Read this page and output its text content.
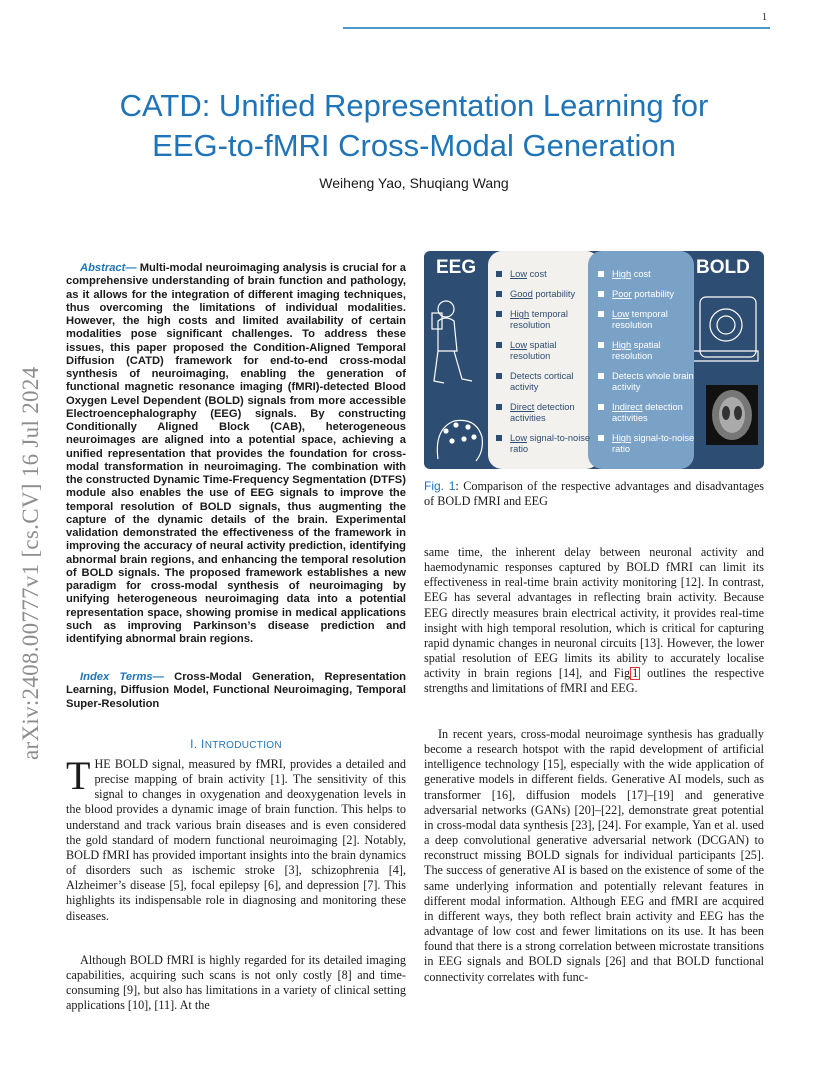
1
arXiv:2408.00777v1 [cs.CV] 16 Jul 2024
CATD: Unified Representation Learning for
EEG-to-fMRI Cross-Modal Generation
Weiheng Yao, Shuqiang Wang
Abstract— Multi-modal neuroimaging analysis is crucial for a comprehensive understanding of brain function and pathology, as it allows for the integration of different imaging techniques, thus overcoming the limitations of individual modalities. However, the high costs and limited availability of certain modalities pose significant challenges. To address these issues, this paper proposed the Condition-Aligned Temporal Diffusion (CATD) framework for end-to-end cross-modal synthesis of neuroimaging, enabling the generation of functional magnetic resonance imaging (fMRI)-detected Blood Oxygen Level Dependent (BOLD) signals from more accessible Electroencephalography (EEG) signals. By constructing Conditionally Aligned Block (CAB), heterogeneous neuroimages are aligned into a potential space, achieving a unified representation that provides the foundation for cross-modal transformation in neuroimaging. The combination with the constructed Dynamic Time-Frequency Segmentation (DTFS) module also enables the use of EEG signals to improve the temporal resolution of BOLD signals, thus augmenting the capture of the dynamic details of the brain. Experimental validation demonstrated the effectiveness of the framework in improving the accuracy of neural activity prediction, identifying abnormal brain regions, and enhancing the temporal resolution of BOLD signals. The proposed framework establishes a new paradigm for cross-modal synthesis of neuroimaging by unifying heterogeneous neuroimaging data into a potential representation space, showing promise in medical applications such as improving Parkinson’s disease prediction and identifying abnormal brain regions.
Index Terms— Cross-Modal Generation, Representation Learning, Diffusion Model, Functional Neuroimaging, Temporal Super-Resolution
I. INTRODUCTION
THE BOLD signal, measured by fMRI, provides a detailed and precise mapping of brain activity [1]. The sensitivity of this signal to changes in oxygenation and deoxygenation levels in the blood provides a dynamic image of brain function. This helps to understand and track various brain diseases and is even considered the gold standard of modern functional neuroimaging [2]. Notably, BOLD fMRI has provided important insights into the brain dynamics of disorders such as ischemic stroke [3], schizophrenia [4], Alzheimer’s disease [5], focal epilepsy [6], and depression [7]. This highlights its indispensable role in diagnosing and monitoring these diseases.
Although BOLD fMRI is highly regarded for its detailed imaging capabilities, acquiring such scans is not only costly [8] and time-consuming [9], but also has limitations in a variety of clinical setting applications [10], [11]. At the
EEG	BOLD
Low cost
Good portability
High temporal resolution
Low spatial resolution
Detects cortical activity
Direct detection activities
Low signal-to-noise ratio
High cost
Poor portability
Low temporal resolution
High spatial resolution
Detects whole brain activity
Indirect detection activities
High signal-to-noise ratio
Fig. 1: Comparison of the respective advantages and disadvantages of BOLD fMRI and EEG
same time, the inherent delay between neuronal activity and haemodynamic responses captured by BOLD fMRI can limit its effectiveness in real-time brain activity monitoring [12]. In contrast, EEG has several advantages in reflecting brain activity. Because EEG directly measures brain electrical activity, it provides real-time insight with high temporal resolution, which is critical for capturing rapid dynamic changes in neuronal circuits [13]. However, the lower spatial resolution of EEG limits its ability to accurately localise activity in brain regions [14], and Fig 1 outlines the respective strengths and limitations of fMRI and EEG.
In recent years, cross-modal neuroimage synthesis has gradually become a research hotspot with the rapid development of artificial intelligence technology [15], especially with the wide application of generative models in different fields. Generative AI models, such as transformer [16], diffusion models [17]–[19] and generative adversarial networks (GANs) [20]–[22], demonstrate great potential in cross-modal data synthesis [23], [24]. For example, Yan et al. used a deep convolutional generative adversarial network (DCGAN) to reconstruct missing BOLD signals for individual participants [25]. The success of generative AI is based on the existence of some of the same underlying information and potentially relevant features in different modal information. Although EEG and fMRI are acquired in different ways, they both reflect brain activity and EEG has the advantage of low cost and fewer limitations on its use. It has been found that there is a strong correlation between microstate transitions in EEG signals and BOLD signals [26] and that BOLD functional connectivity correlates with func-
